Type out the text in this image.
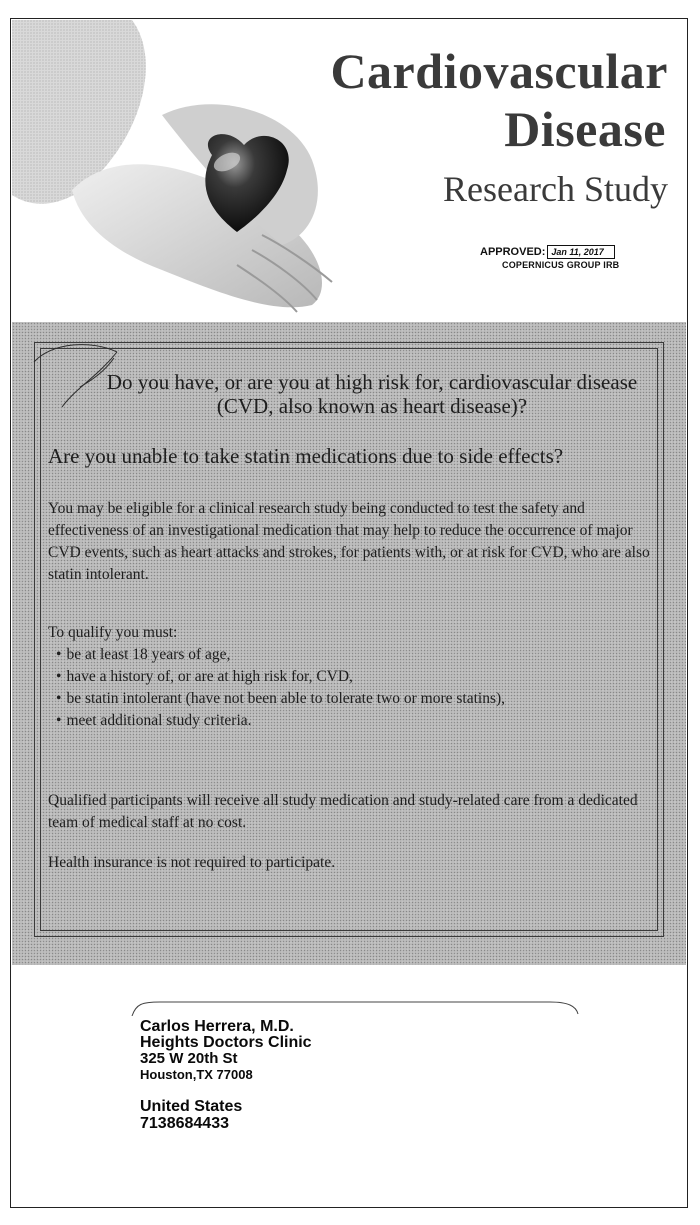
Cardiovascular
Disease
Research Study
APPROVED: Jan 11, 2017
COPERNICUS GROUP IRB
Do you have, or are you at high risk for, cardiovascular disease (CVD, also known as heart disease)?
Are you unable to take statin medications due to side effects?
You may be eligible for a clinical research study being conducted to test the safety and effectiveness of an investigational medication that may help to reduce the occurrence of major CVD events, such as heart attacks and strokes, for patients with, or at risk for CVD, who are also statin intolerant.
To qualify you must:
• be at least 18 years of age,
• have a history of, or are at high risk for, CVD,
• be statin intolerant (have not been able to tolerate two or more statins),
• meet additional study criteria.
Qualified participants will receive all study medication and study-related care from a dedicated team of medical staff at no cost.
Health insurance is not required to participate.
Carlos Herrera, M.D.
Heights Doctors Clinic
325 W 20th St
Houston,TX 77008
United States
7138684433
